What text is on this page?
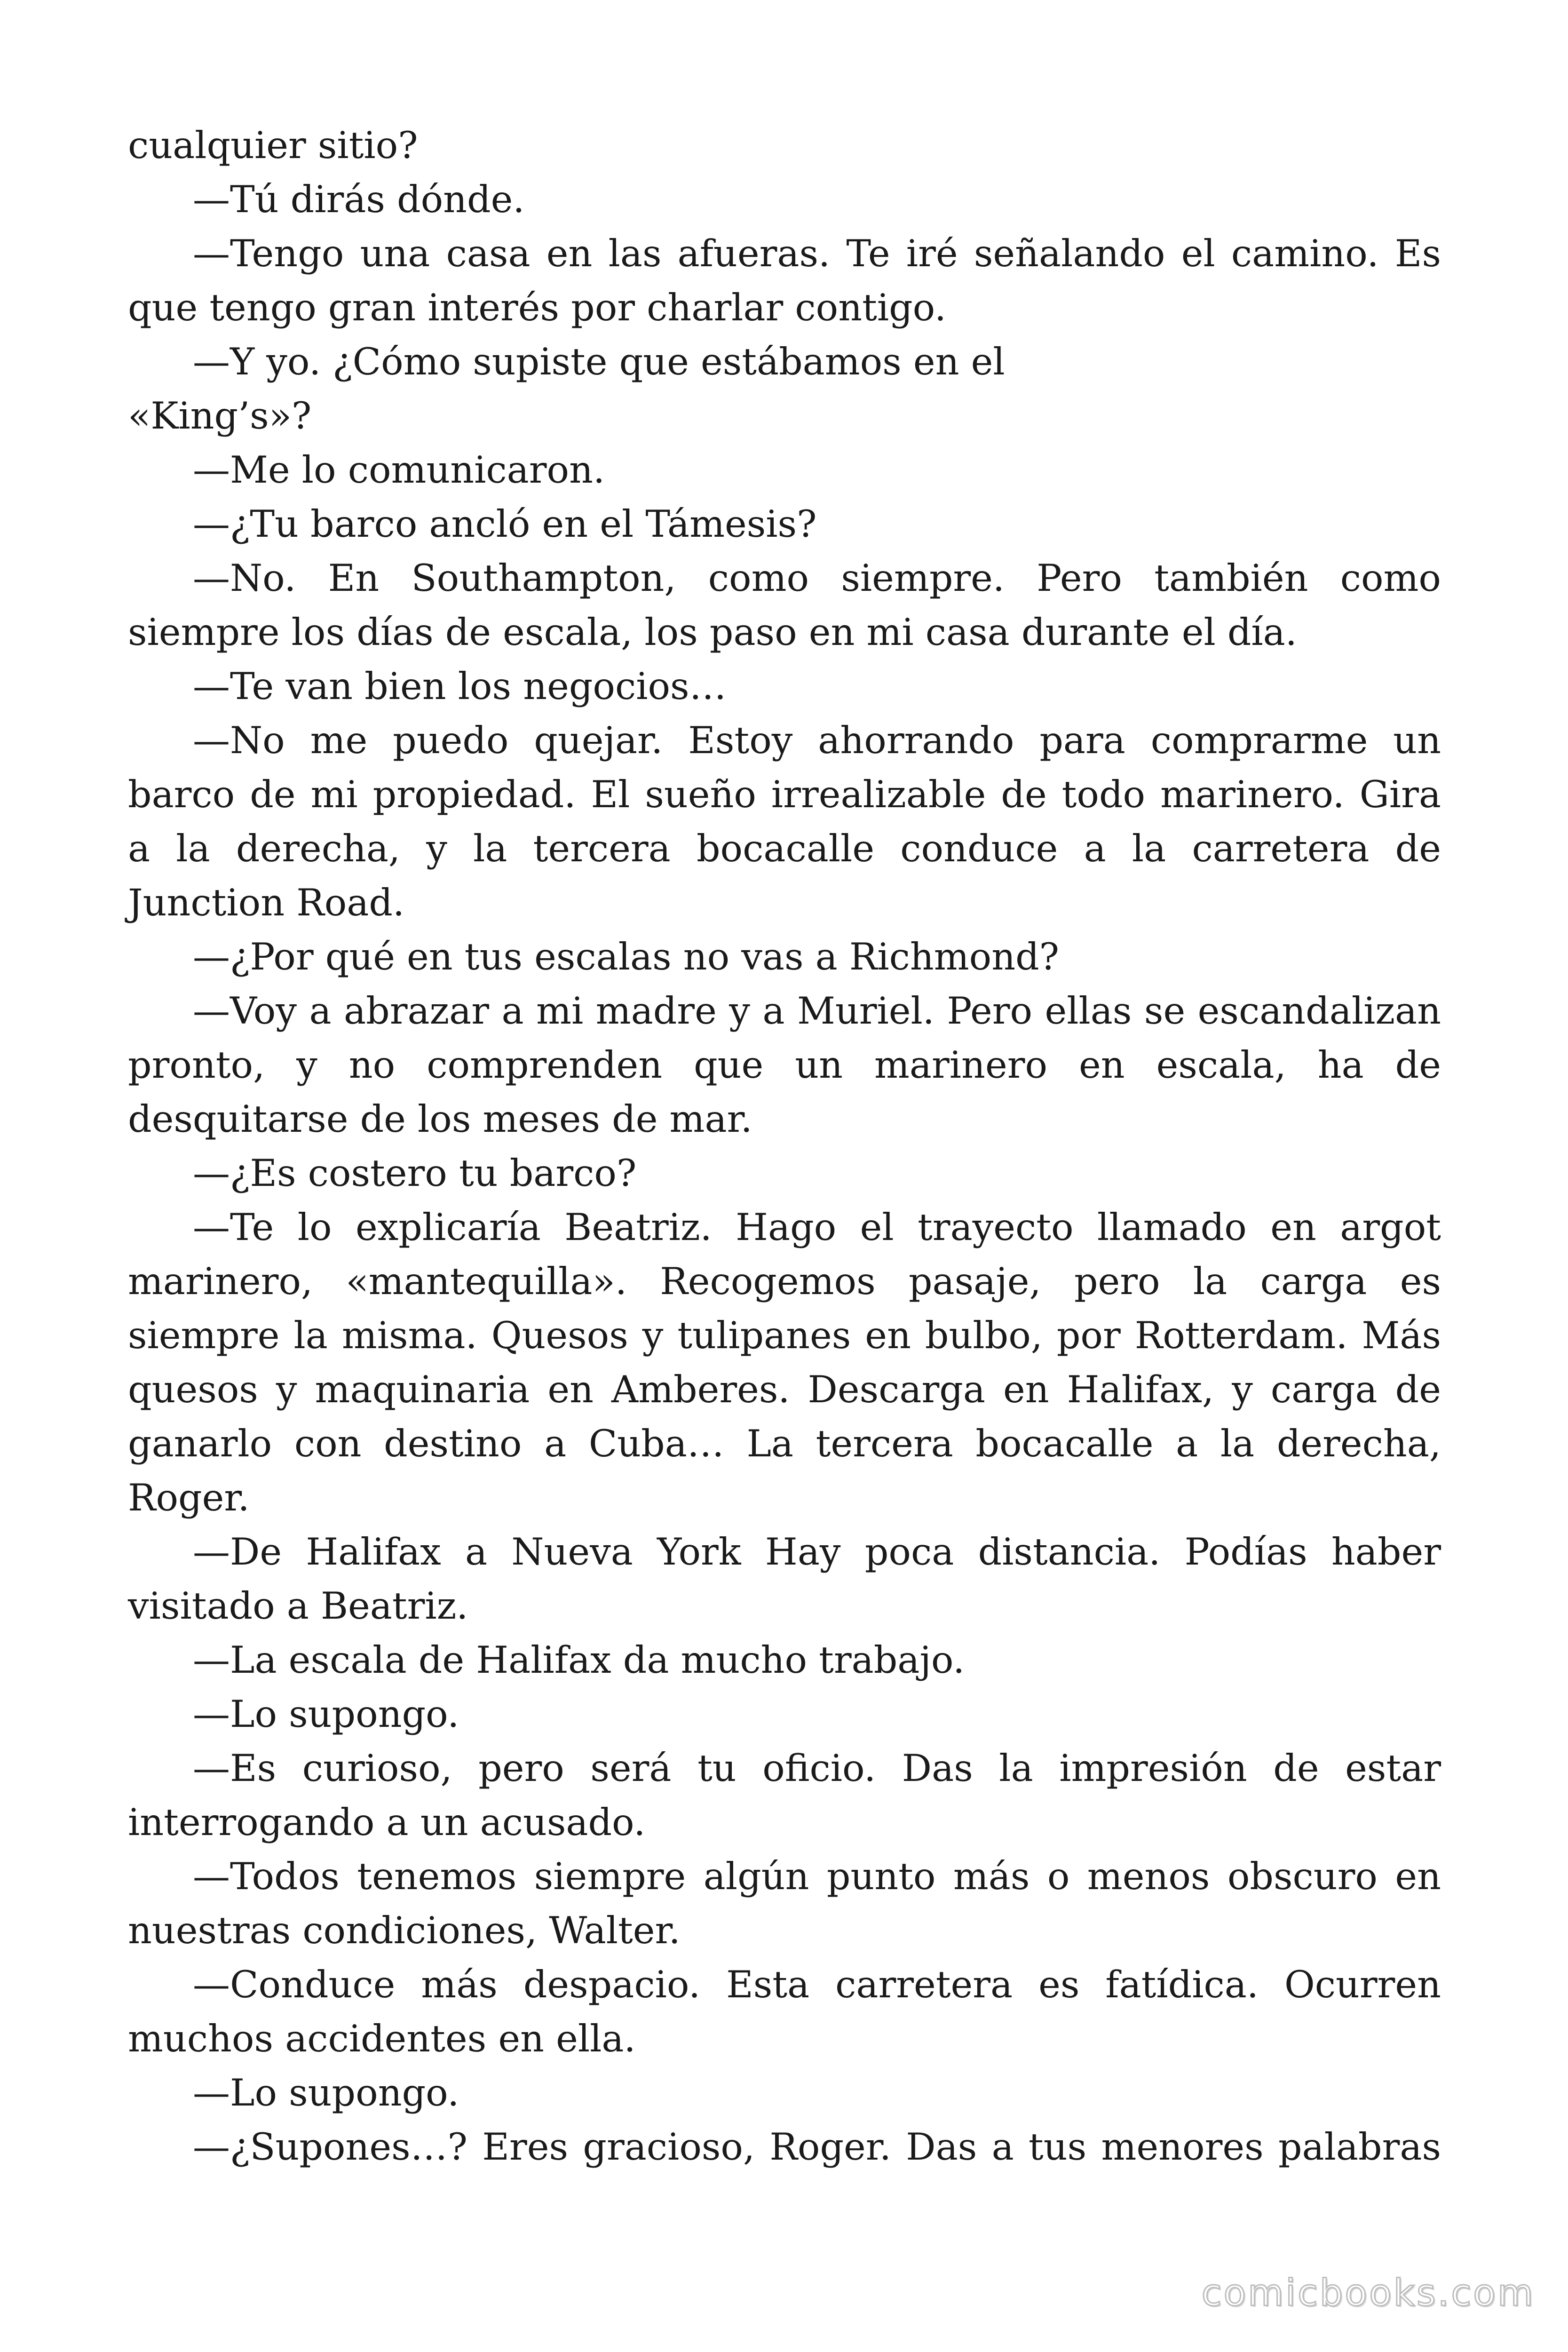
cualquier sitio?

—Tú dirás dónde.

—Tengo una casa en las afueras. Te iré señalando el camino. Es que tengo gran interés por charlar contigo.

—Y yo. ¿Cómo supiste que estábamos en el

«King’s»?

—Me lo comunicaron.

—¿Tu barco ancló en el Támesis?

—No. En Southampton, como siempre. Pero también como siempre los días de escala, los paso en mi casa durante el día.

—Te van bien los negocios…

—No me puedo quejar. Estoy ahorrando para comprarme un barco de mi propiedad. El sueño irrealizable de todo marinero. Gira a la derecha, y la tercera bocacalle conduce a la carretera de Junction Road.

—¿Por qué en tus escalas no vas a Richmond?

—Voy a abrazar a mi madre y a Muriel. Pero ellas se escandalizan pronto, y no comprenden que un marinero en escala, ha de desquitarse de los meses de mar.

—¿Es costero tu barco?

—Te lo explicaría Beatriz. Hago el trayecto llamado en argot marinero, «mantequilla». Recogemos pasaje, pero la carga es siempre la misma. Quesos y tulipanes en bulbo, por Rotterdam. Más quesos y maquinaria en Amberes. Descarga en Halifax, y carga de ganarlo con destino a Cuba… La tercera bocacalle a la derecha, Roger.

—De Halifax a Nueva York Hay poca distancia. Podías haber visitado a Beatriz.

—La escala de Halifax da mucho trabajo.

—Lo supongo.

—Es curioso, pero será tu oficio. Das la impresión de estar interrogando a un acusado.

—Todos tenemos siempre algún punto más o menos obscuro en nuestras condiciones, Walter.

—Conduce más despacio. Esta carretera es fatídica. Ocurren muchos accidentes en ella.

—Lo supongo.

—¿Supones…? Eres gracioso, Roger. Das a tus menores palabras

comicbooks.com
